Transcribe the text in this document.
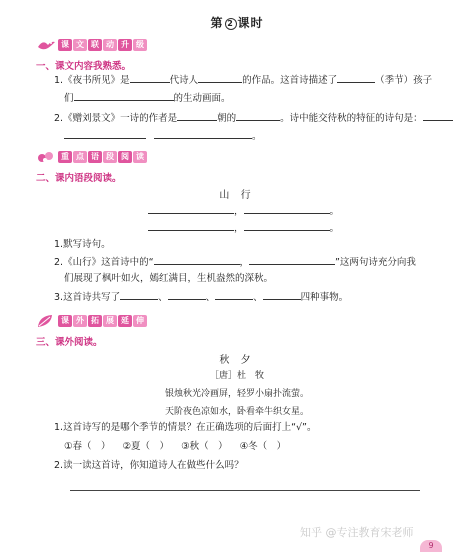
第 2 课时
课 文 联 动 升 级
一、课文内容我熟悉。
1.《夜书所见》是	代诗人	的作品。这首诗描述了	（季节）孩子
们	的生动画面。
2.《赠刘景文》一诗的作者是	朝的	。诗中能交待秋的特征的诗句是：
。
重 点 语 段 阅 读
二、课内语段阅读。
山 行
，	。
，	。
1.默写诗句。
2.《山行》这首诗中的“	，	”这两句诗充分向我
们展现了枫叶如火，嫣红满目，生机盎然的深秋。
3.这首诗共写了	、	、	、	四种事物。
课 外 拓 展 延 伸
三、课外阅读。
秋 夕
［唐］杜　牧
银烛秋光冷画屏，轻罗小扇扑流萤。
天阶夜色凉如水，卧看牵牛织女星。
1.这首诗写的是哪个季节的情景？在正确选项的后面打上“√”。
①春（　） ②夏（　） ③秋（　） ④冬（　）
2.读一读这首诗，你知道诗人在做些什么吗？
知乎 @专注教育宋老师
9
